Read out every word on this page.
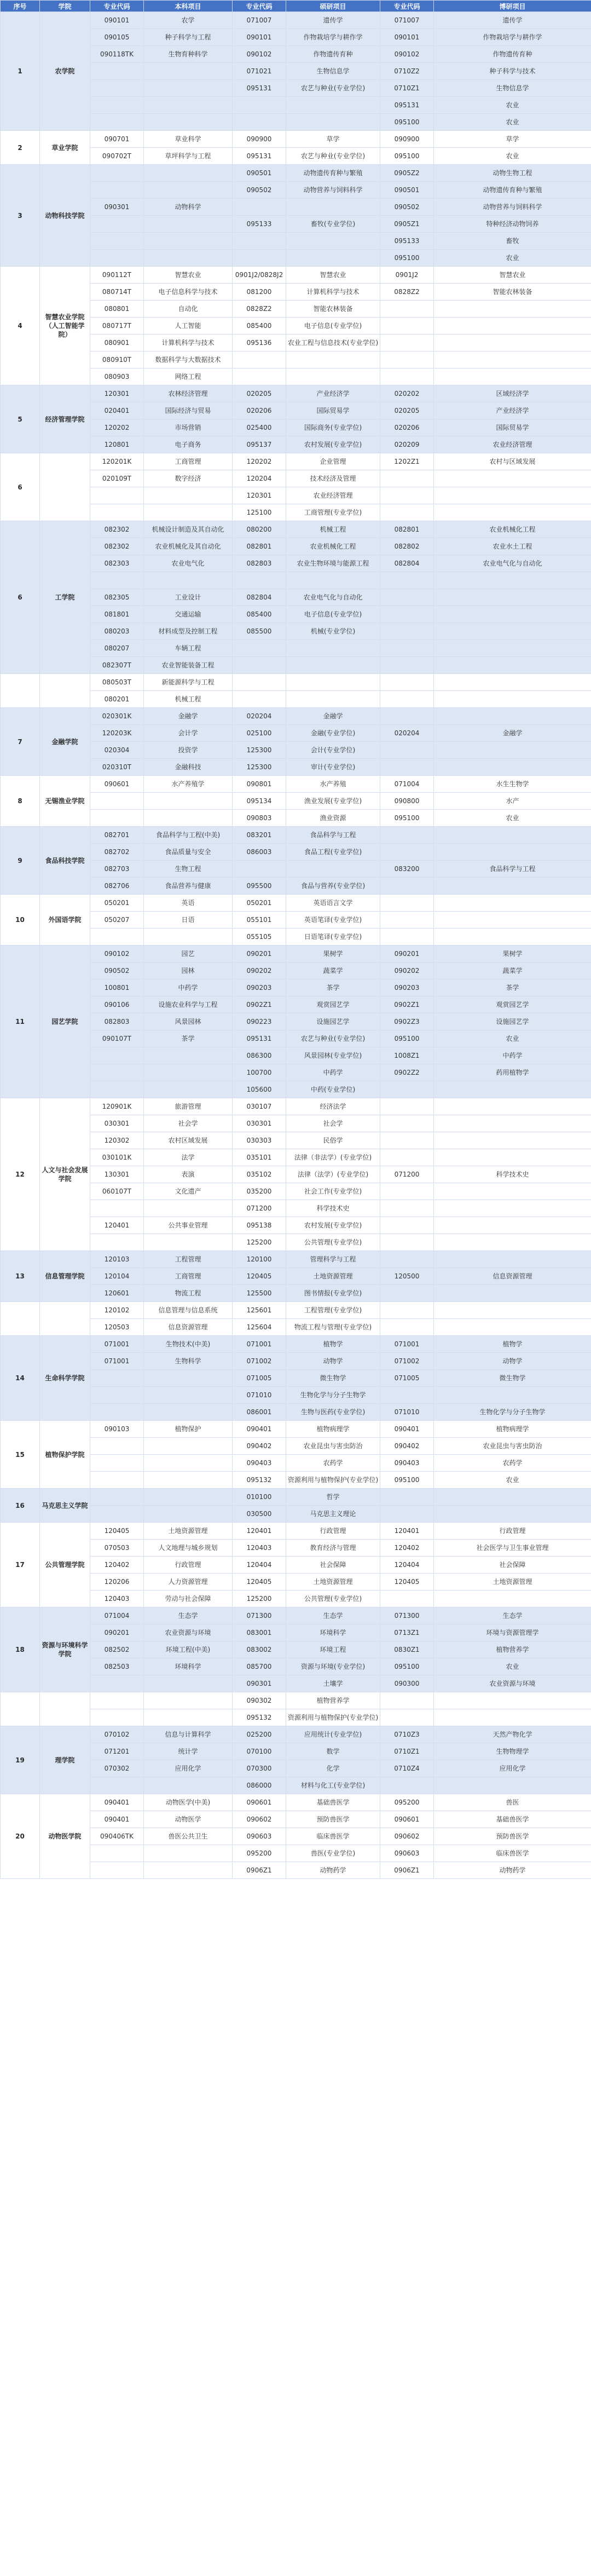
序号	学院	专业代码	本科项目	专业代码	硕研项目	专业代码	博研项目
1	农学院	090101	农学	071007	遗传学	071007	遗传学
		090105	种子科学与工程	090101	作物栽培学与耕作学	090101	作物栽培学与耕作学
		090118TK	生物育种科学	090102	作物遗传育种	090102	作物遗传育种
				071021	生物信息学	0710Z2	种子科学与技术
				095131	农艺与种业(专业学位)	0710Z1	生物信息学
						095131	农业
						095100	农业
2	草业学院	090701	草业科学	090900	草学	090900	草学
		090702T	草坪科学与工程	095131	农艺与种业(专业学位)	095100	农业
3	动物科技学院			090501	动物遗传育种与繁殖	0905Z2	动物生物工程
				090502	动物营养与饲料科学	090501	动物遗传育种与繁殖
		090301	动物科学			090502	动物营养与饲料科学
				095133	畜牧(专业学位)	0905Z1	特种经济动物饲养
						095133	畜牧
						095100	农业
4	智慧农业学院（人工智能学院）	090112T	智慧农业	0901J2/0828J2	智慧农业	0901J2	智慧农业
		080714T	电子信息科学与技术	081200	计算机科学与技术	0828Z2	智能农林装备
		080801	自动化	0828Z2	智能农林装备		
		080717T	人工智能	085400	电子信息(专业学位)		
		080901	计算机科学与技术	095136	农业工程与信息技术(专业学位)		
		080910T	数据科学与大数据技术				
		080903	网络工程				
5	经济管理学院	120301	农林经济管理	020205	产业经济学	020202	区域经济学
		020401	国际经济与贸易	020206	国际贸易学	020205	产业经济学
		120202	市场营销	025400	国际商务(专业学位)	020206	国际贸易学
		120801	电子商务	095137	农村发展(专业学位)	020209	农业经济管理
6		120201K	工商管理	120202	企业管理	1202Z1	农村与区域发展
		020109T	数字经济	120204	技术经济及管理		
				120301	农业经济管理		
				125100	工商管理(专业学位)		
6	工学院	082302	机械设计制造及其自动化	080200	机械工程	082801	农业机械化工程
		082302	农业机械化及其自动化	082801	农业机械化工程	082802	农业水土工程
		082303	农业电气化	082803	农业生物环境与能源工程	082804	农业电气化与自动化

		082305	工业设计	082804	农业电气化与自动化		
		081801	交通运输	085400	电子信息(专业学位)		
		080203	材料成型及控制工程	085500	机械(专业学位)		
		080207	车辆工程				
		082307T	农业智能装备工程				
		080503T	新能源科学与工程				
		080201	机械工程				
7	金融学院	020301K	金融学	020204	金融学		
		120203K	会计学	025100	金融(专业学位)	020204	金融学
		020304	投资学	125300	会计(专业学位)		
		020310T	金融科技	125300	审计(专业学位)		
8	无锡渔业学院	090601	水产养殖学	090801	水产养殖	071004	水生生物学
				095134	渔业发展(专业学位)	090800	水产
				090803	渔业资源	095100	农业
9	食品科技学院	082701	食品科学与工程(中美)	083201	食品科学与工程		
		082702	食品质量与安全	086003	食品工程(专业学位)		
		082703	生物工程			083200	食品科学与工程
		082706	食品营养与健康	095500	食品与营养(专业学位)		
10	外国语学院	050201	英语	050201	英语语言文学		
		050207	日语	055101	英语笔译(专业学位)		
				055105	日语笔译(专业学位)		
11	园艺学院	090102	园艺	090201	果树学	090201	果树学
		090502	园林	090202	蔬菜学	090202	蔬菜学
		100801	中药学	090203	茶学	090203	茶学
		090106	设施农业科学与工程	0902Z1	观赏园艺学	0902Z1	观赏园艺学
		082803	风景园林	090223	设施园艺学	0902Z3	设施园艺学
		090107T	茶学	095131	农艺与种业(专业学位)	095100	农业
				086300	风景园林(专业学位)	1008Z1	中药学
				100700	中药学	0902Z2	药用植物学
				105600	中药(专业学位)		
12	人文与社会发展学院	120901K	旅游管理	030107	经济法学		
		030301	社会学	030301	社会学		
		120302	农村区域发展	030303	民俗学		
		030101K	法学	035101	法律（非法学）(专业学位)		
		130301	表演	035102	法律（法学）(专业学位)	071200	科学技术史
		060107T	文化遗产	035200	社会工作(专业学位)		
				071200	科学技术史		
		120401	公共事业管理	095138	农村发展(专业学位)		
				125200	公共管理(专业学位)		
13	信息管理学院	120103	工程管理	120100	管理科学与工程		
		120104	工商管理	120405	土地资源管理	120500	信息资源管理
		120601	物流工程	125500	图书情报(专业学位)		
		120102	信息管理与信息系统	125601	工程管理(专业学位)		
		120503	信息资源管理	125604	物流工程与管理(专业学位)		
14	生命科学学院	071001	生物技术(中美)	071001	植物学	071001	植物学
		071001	生物科学	071002	动物学	071002	动物学
				071005	微生物学	071005	微生物学
				071010	生物化学与分子生物学		
				086001	生物与医药(专业学位)	071010	生物化学与分子生物学
15	植物保护学院	090103	植物保护	090401	植物病理学	090401	植物病理学
				090402	农业昆虫与害虫防治	090402	农业昆虫与害虫防治
				090403	农药学	090403	农药学
				095132	资源利用与植物保护(专业学位)	095100	农业
16	马克思主义学院			010100	哲学		
				030500	马克思主义理论		
17	公共管理学院	120405	土地资源管理	120401	行政管理	120401	行政管理
		070503	人文地理与城乡规划	120403	教育经济与管理	120402	社会医学与卫生事业管理
		120402	行政管理	120404	社会保障	120404	社会保障
		120206	人力资源管理	120405	土地资源管理	120405	土地资源管理
		120403	劳动与社会保障	125200	公共管理(专业学位)		
18	资源与环境科学学院	071004	生态学	071300	生态学	071300	生态学
		090201	农业资源与环境	083001	环境科学	0713Z1	环境与资源管理学
		082502	环境工程(中美)	083002	环境工程	0830Z1	植物营养学
		082503	环境科学	085700	资源与环境(专业学位)	095100	农业
				090301	土壤学	090300	农业资源与环境
				090302	植物营养学		
				095132	资源利用与植物保护(专业学位)		
19	理学院	070102	信息与计算科学	025200	应用统计(专业学位)	0710Z3	天然产物化学
		071201	统计学	070100	数学	0710Z1	生物物理学
		070302	应用化学	070300	化学	0710Z4	应用化学
				086000	材料与化工(专业学位)		
20	动物医学院	090401	动物医学(中美)	090601	基础兽医学	095200	兽医
		090401	动物医学	090602	预防兽医学	090601	基础兽医学
		090406TK	兽医公共卫生	090603	临床兽医学	090602	预防兽医学
				095200	兽医(专业学位)	090603	临床兽医学
				0906Z1	动物药学	0906Z1	动物药学
